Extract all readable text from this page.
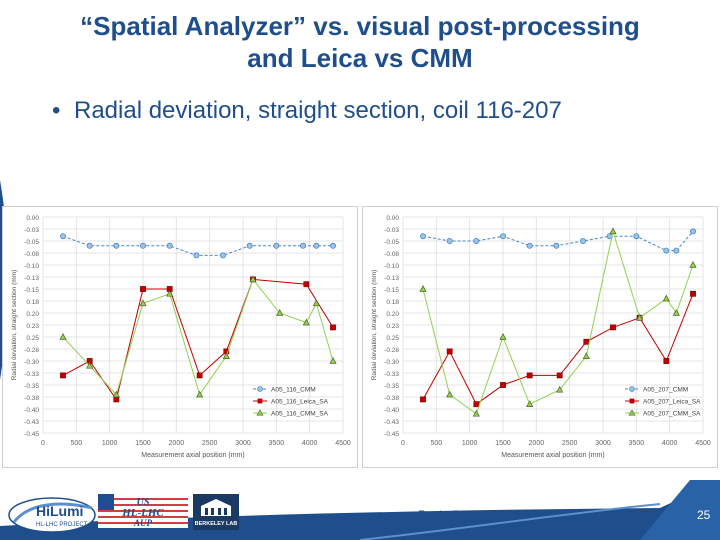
“Spatial Analyzer” vs. visual post-processing
and Leica vs CMM
• Radial deviation, straight section, coil 116-207
0.00
-0.03
-0.05
-0.08
-0.10
-0.13
-0.15
0.18
0.20
0.23
0.25
-0.28
-0.30
-0.33
-0.35
-0.38
-0.40
-0.43
-0.45
0	500	1000	1500	2000	2500	3000	3500	4000	4500
Measurement axial position (mm)
Radial deviation, straight section (mm)
A05_116_CMM
A05_116_Leica_SA
A05_116_CMM_SA
0.00
-0.03
-0.05
-0.08
-0.10
-0.13
-0.15
0.18
0.20
0.23
0.25
-0.28
-0.30
-0.33
-0.35
-0.38
-0.40
-0.43
-0.45
0	500	1000	1500	2000	2500	3000	3500	4000	4500
Measurement axial position (mm)
Radial deviation, straight section (mm)
A05_207_CMM
A05_207_Leica_SA
A05_207_CMM_SA
HiLumi
HL-LHC PROJECT
US
HL-LHC
AUP	BERKELEY LAB
Paolo Ferracin	25
